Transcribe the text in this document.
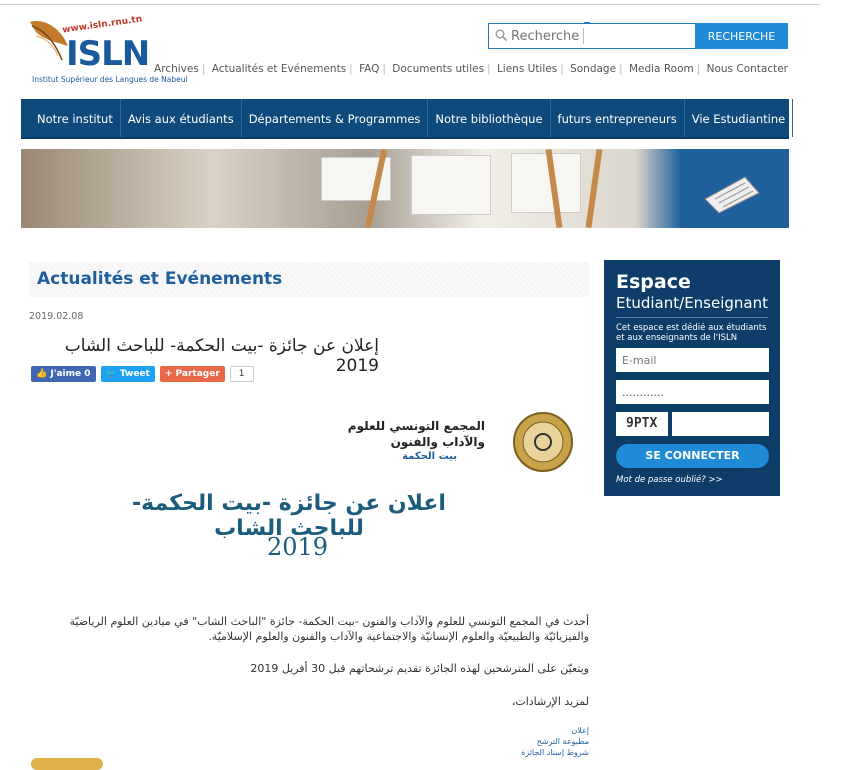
www.isln.rnu.tn
ISLN
Institut Supérieur des Langues de Nabeul
Recherche
RECHERCHE
Archives | Actualités et Evénements | FAQ | Documents utiles | Liens Utiles | Sondage | Media Room | Nous Contacter
Notre institut	Avis aux étudiants	Départements & Programmes	Notre bibliothèque	futurs entrepreneurs	Vie Estudiantine	Mastère
Actualités et Evénements
2019.02.08
إعلان عن جائزة -بيت الحكمة- للباحث الشاب 2019
👍 J'aime 0	🐦 Tweet	+ Partager	1
المجمع التونسي للعلوم
والآداب والفنون
بيت الحكمة
اعلان عن جائزة -بيت الحكمة- للباحث الشاب
2019
أحدث في المجمع التونسي للعلوم والآداب والفنون -بيت الحكمة- جائزة "الباحث الشاب" في ميادين العلوم الرياضيّة والفيزيائيّة والطبيعيّة والعلوم الإنسانيّة والاجتماعية والآداب والفنون والعلوم الإسلاميّة.
ويتعيّن على المترشحين لهذه الجائزة تقديم ترشحاتهم قبل 30 أفريل 2019
لمزيد الإرشادات،
إعلان
مطبوعة الترشح
شروط إسناد الجائزة
Espace
Etudiant/Enseignant
Cet espace est dédié aux étudiants et aux enseignants de l'ISLN
E-mail
............
9PTX
SE CONNECTER
Mot de passe oublié? >>
